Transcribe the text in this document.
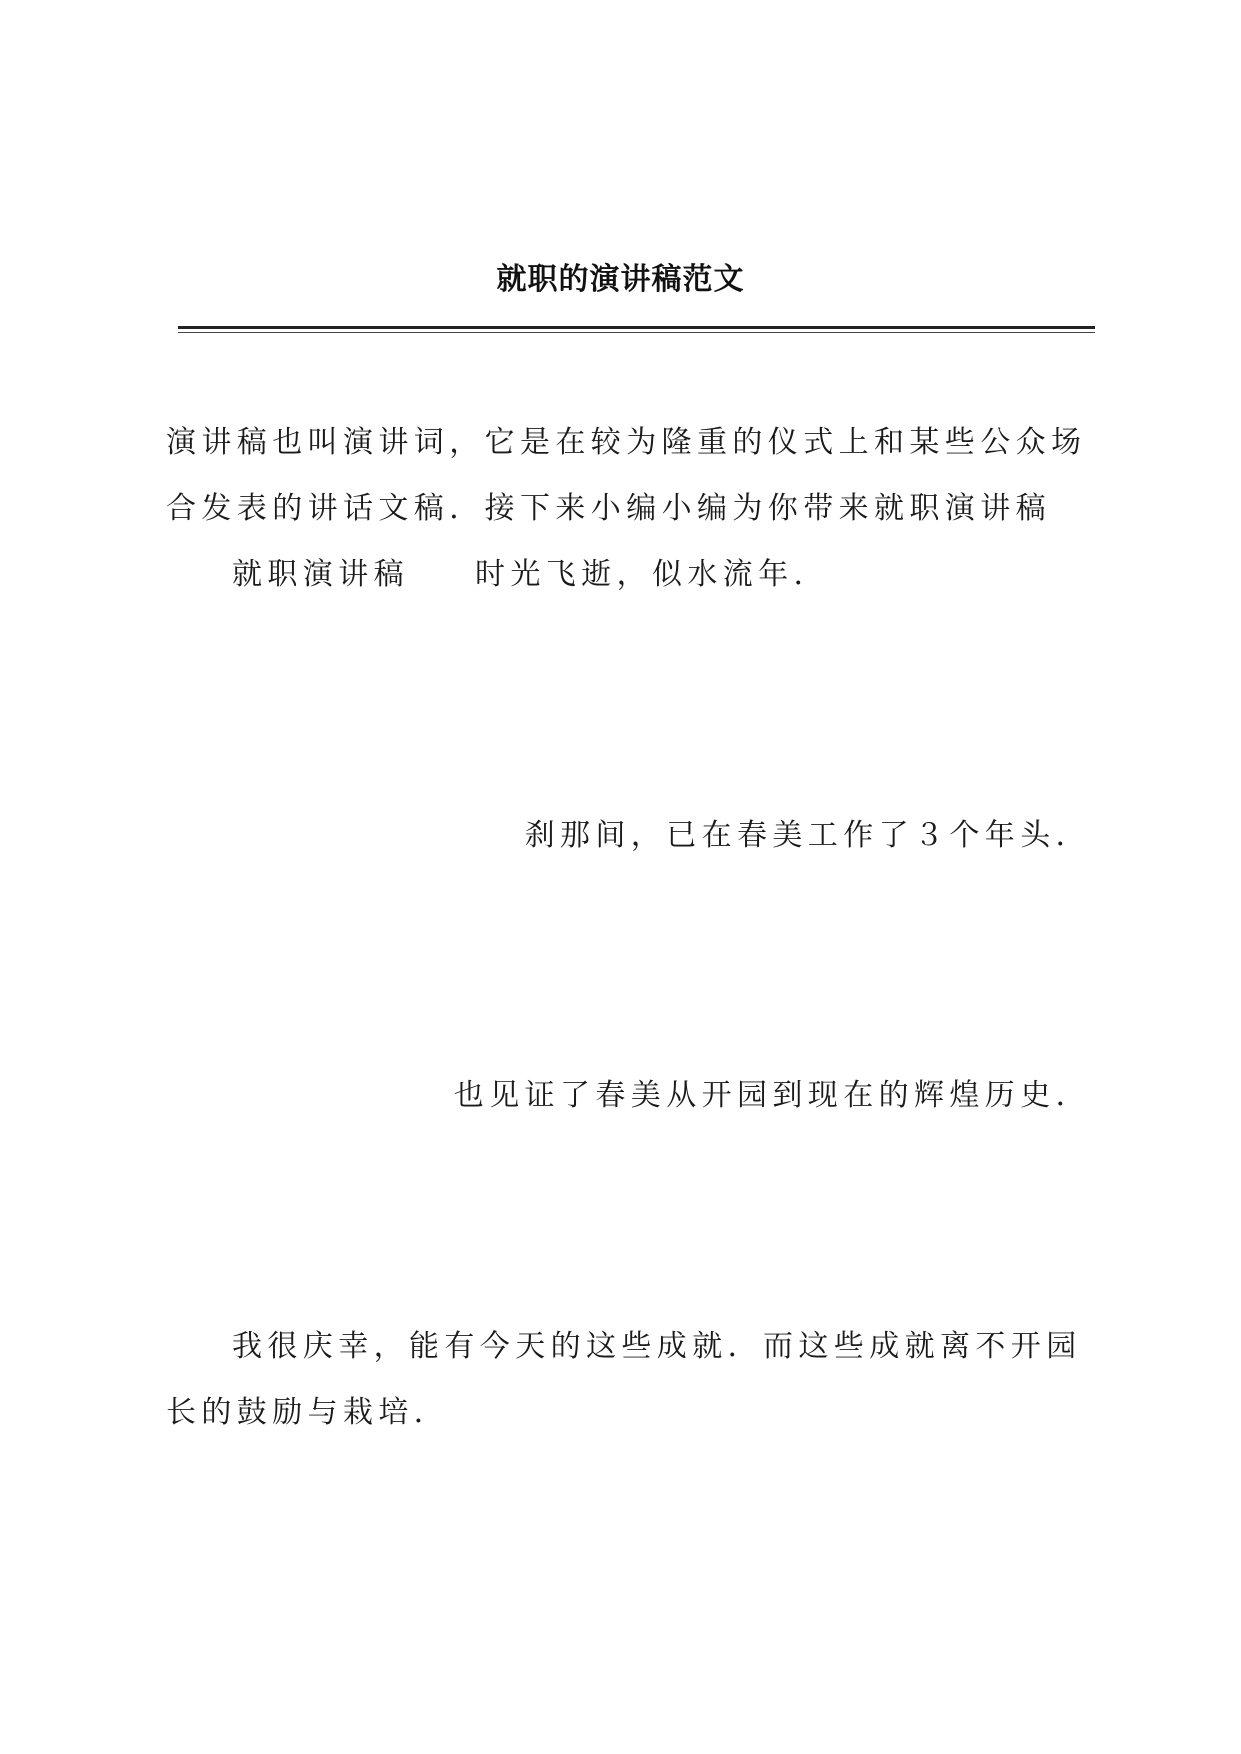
就职的演讲稿范文
演讲稿也叫演讲词，它是在较为隆重的仪式上和某些公众场合发表的讲话文稿．接下来小编小编为你带来就职演讲稿就职演讲稿 时光飞逝，似水流年．
刹那间，已在春美工作了３个年头．
也见证了春美从开园到现在的辉煌历史．
我很庆幸，能有今天的这些成就．而这些成就离不开园长的鼓励与栽培．
